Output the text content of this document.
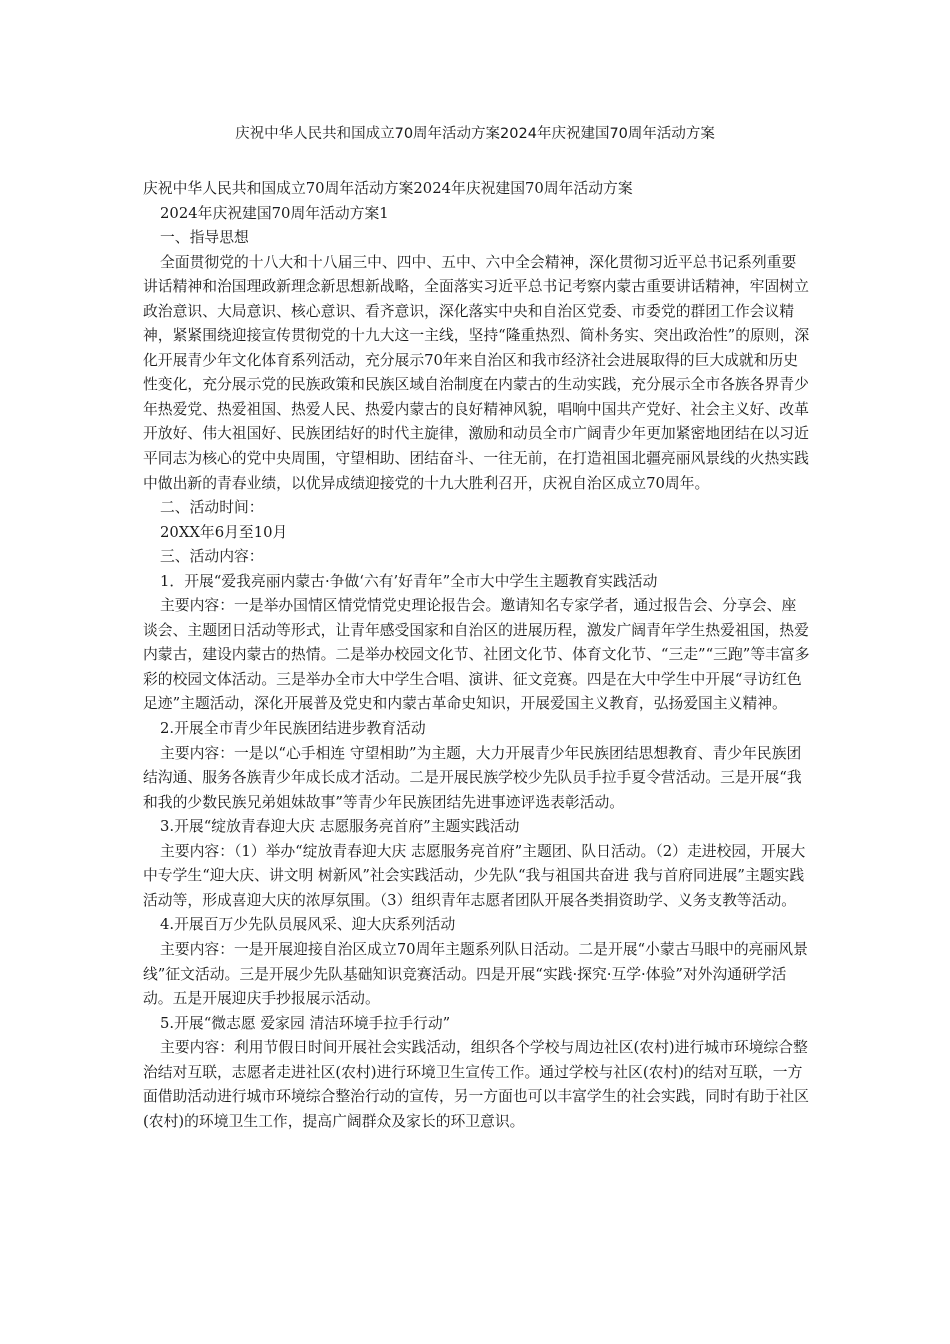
庆祝中华人民共和国成立70周年活动方案2024年庆祝建国70周年活动方案

庆祝中华人民共和国成立70周年活动方案2024年庆祝建国70周年活动方案

2024年庆祝建国70周年活动方案1

一、指导思想

全面贯彻党的十八大和十八届三中、四中、五中、六中全会精神，深化贯彻习近平总书记系列重要讲话精神和治国理政新理念新思想新战略，全面落实习近平总书记考察内蒙古重要讲话精神，牢固树立政治意识、大局意识、核心意识、看齐意识，深化落实中央和自治区党委、市委党的群团工作会议精神，紧紧围绕迎接宣传贯彻党的十九大这一主线，坚持“隆重热烈、简朴务实、突出政治性”的原则，深化开展青少年文化体育系列活动，充分展示70年来自治区和我市经济社会进展取得的巨大成就和历史性变化，充分展示党的民族政策和民族区域自治制度在内蒙古的生动实践，充分展示全市各族各界青少年热爱党、热爱祖国、热爱人民、热爱内蒙古的良好精神风貌，唱响中国共产党好、社会主义好、改革开放好、伟大祖国好、民族团结好的时代主旋律，激励和动员全市广阔青少年更加紧密地团结在以习近平同志为核心的党中央周围，守望相助、团结奋斗、一往无前，在打造祖国北疆亮丽风景线的火热实践中做出新的青春业绩，以优异成绩迎接党的十九大胜利召开，庆祝自治区成立70周年。

二、活动时间：

20XX年6月至10月

三、活动内容：

1．开展“爱我亮丽内蒙古·争做‘六有’好青年”全市大中学生主题教育实践活动

主要内容：一是举办国情区情党情党史理论报告会。邀请知名专家学者，通过报告会、分享会、座谈会、主题团日活动等形式，让青年感受国家和自治区的进展历程，激发广阔青年学生热爱祖国，热爱内蒙古，建设内蒙古的热情。二是举办校园文化节、社团文化节、体育文化节、“三走”“三跑”等丰富多彩的校园文体活动。三是举办全市大中学生合唱、演讲、征文竞赛。四是在大中学生中开展“寻访红色足迹”主题活动，深化开展普及党史和内蒙古革命史知识，开展爱国主义教育，弘扬爱国主义精神。

2.开展全市青少年民族团结进步教育活动

主要内容：一是以“心手相连 守望相助”为主题，大力开展青少年民族团结思想教育、青少年民族团结沟通、服务各族青少年成长成才活动。二是开展民族学校少先队员手拉手夏令营活动。三是开展“我和我的少数民族兄弟姐妹故事”等青少年民族团结先进事迹评选表彰活动。

3.开展“绽放青春迎大庆 志愿服务亮首府”主题实践活动

主要内容：（1）举办“绽放青春迎大庆 志愿服务亮首府”主题团、队日活动。（2）走进校园，开展大中专学生“迎大庆、讲文明 树新风”社会实践活动，少先队“我与祖国共奋进 我与首府同进展”主题实践活动等，形成喜迎大庆的浓厚氛围。（3）组织青年志愿者团队开展各类捐资助学、义务支教等活动。

4.开展百万少先队员展风采、迎大庆系列活动

主要内容：一是开展迎接自治区成立70周年主题系列队日活动。二是开展“小蒙古马眼中的亮丽风景线”征文活动。三是开展少先队基础知识竞赛活动。四是开展“实践·探究·互学·体验”对外沟通研学活动。五是开展迎庆手抄报展示活动。

5.开展“微志愿 爱家园 清洁环境手拉手行动”

主要内容：利用节假日时间开展社会实践活动，组织各个学校与周边社区(农村)进行城市环境综合整治结对互联，志愿者走进社区(农村)进行环境卫生宣传工作。通过学校与社区(农村)的结对互联，一方面借助活动进行城市环境综合整治行动的宣传，另一方面也可以丰富学生的社会实践，同时有助于社区(农村)的环境卫生工作，提高广阔群众及家长的环卫意识。
